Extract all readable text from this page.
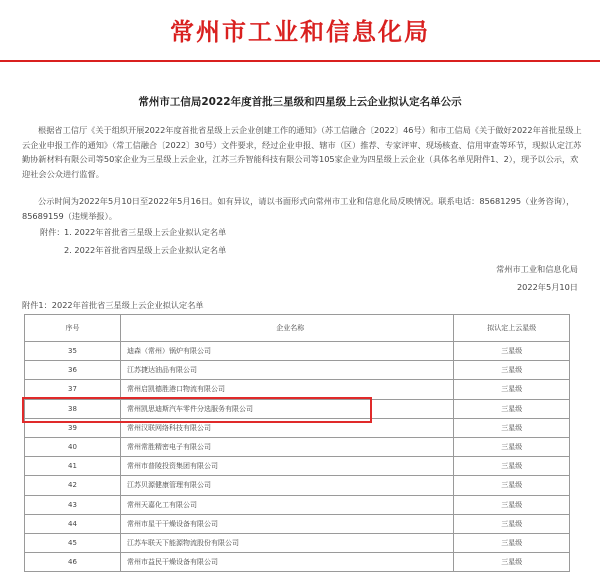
常州市工业和信息化局
常州市工信局2022年度首批三星级和四星级上云企业拟认定名单公示
根据省工信厅《关于组织开展2022年度首批省星级上云企业创建工作的通知》（苏工信融合〔2022〕46号）和市工信局《关于做好2022年首批星级上云企业申报工作的通知》（常工信融合〔2022〕30号）文件要求，经过企业申报、辖市（区）推荐、专家评审、现场核查、信用审查等环节，现拟认定江苏勤协新材料有限公司等50家企业为三星级上云企业，江苏三乔智能科技有限公司等105家企业为四星级上云企业（具体名单见附件1、2），现予以公示，欢迎社会公众进行监督。
公示时间为2022年5月10日至2022年5月16日。如有异议，请以书面形式向常州市工业和信息化局反映情况。联系电话：85681295（业务咨询），85689159（违规举报）。
附件： 1. 2022年首批省三星级上云企业拟认定名单
2. 2022年首批省四星级上云企业拟认定名单
常州市工业和信息化局
2022年5月10日
附件1：2022年首批省三星级上云企业拟认定名单
序号	企业名称	拟认定上云星级
35	迪森（常州）锅炉有限公司	三星级
36	江苏捷达油品有限公司	三星级
37	常州启凯德胜港口物流有限公司	三星级
38	常州凯思迪斯汽车零件分选服务有限公司	三星级
39	常州汉联网络科技有限公司	三星级
40	常州常胜精密电子有限公司	三星级
41	常州市普陵投资集团有限公司	三星级
42	江苏贝源健康管理有限公司	三星级
43	常州天嘉化工有限公司	三星级
44	常州市星干干燥设备有限公司	三星级
45	江苏车联天下能源物流股份有限公司	三星级
46	常州市益民干燥设备有限公司	三星级
